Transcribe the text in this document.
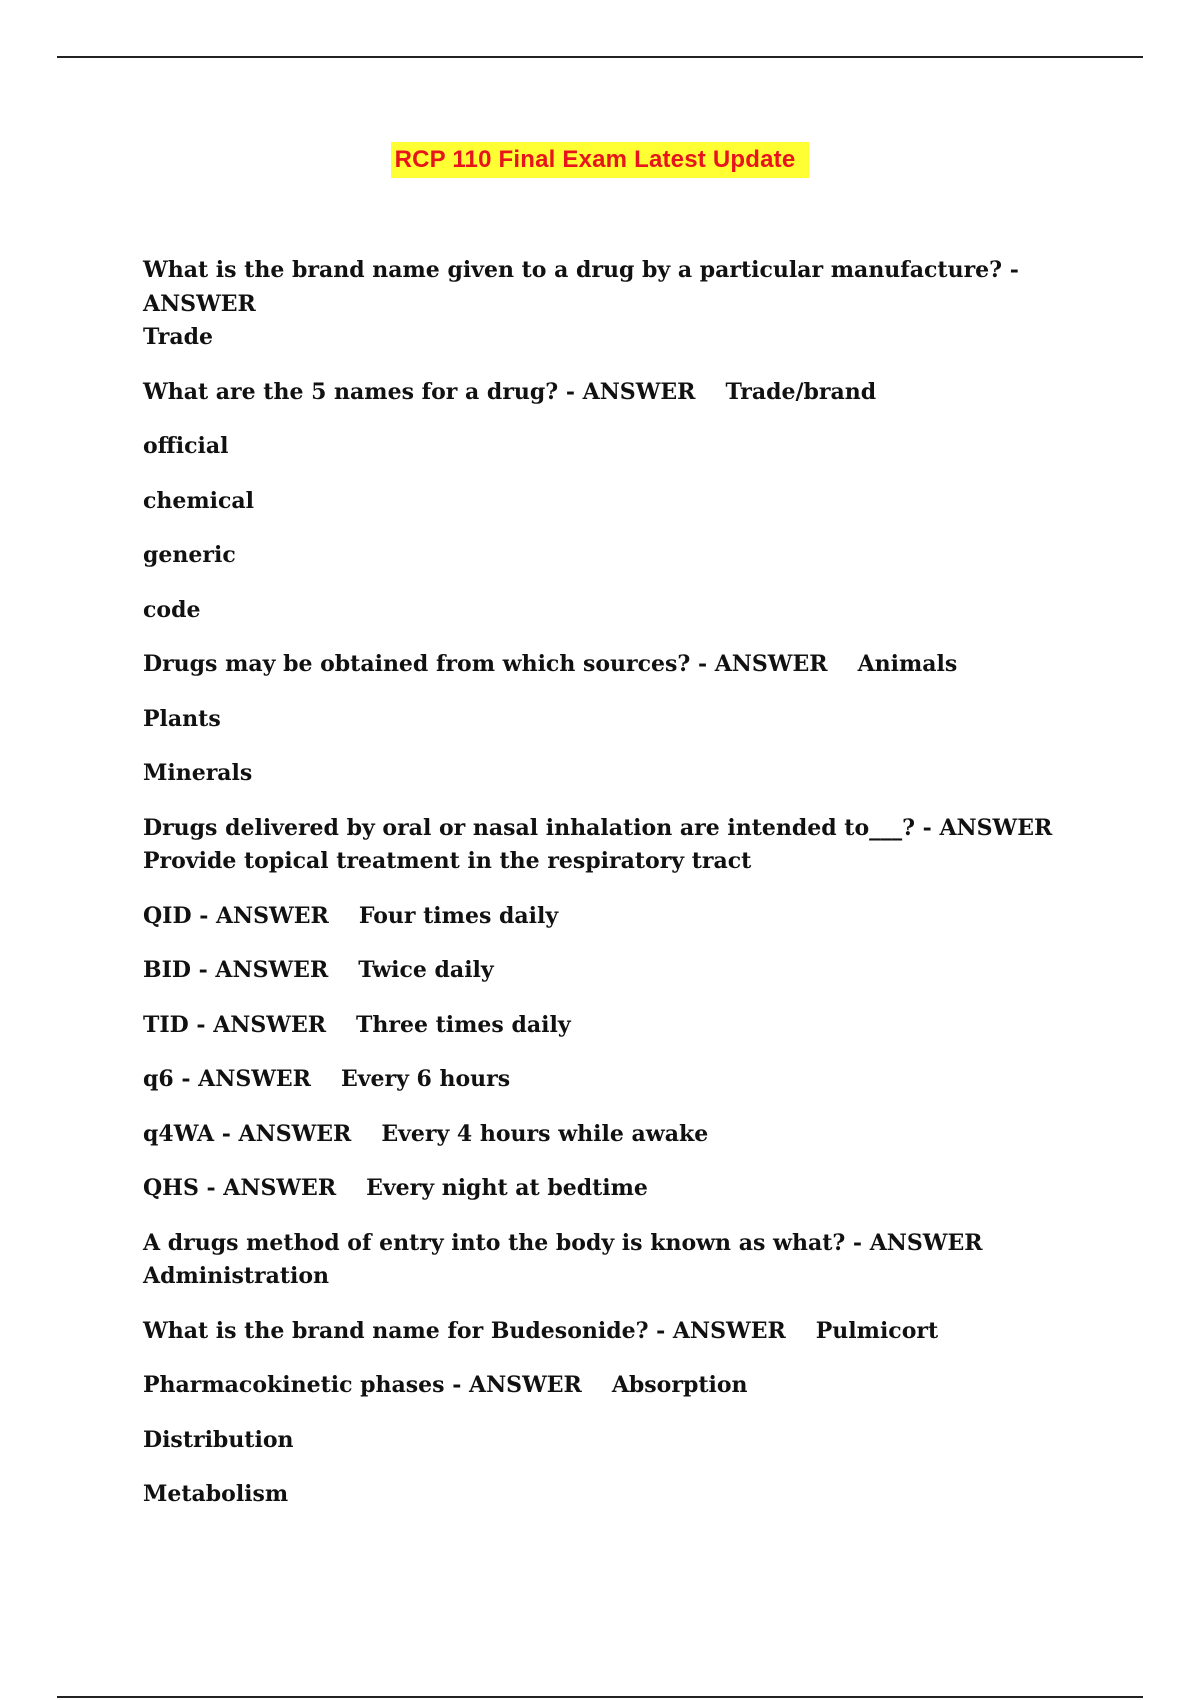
RCP 110 Final Exam Latest Update

What is the brand name given to a drug by a particular manufacture? - ANSWER
Trade

What are the 5 names for a drug? - ANSWER Trade/brand

official

chemical

generic

code

Drugs may be obtained from which sources? - ANSWER Animals

Plants

Minerals

Drugs delivered by oral or nasal inhalation are intended to___? - ANSWER
Provide topical treatment in the respiratory tract

QID - ANSWER Four times daily

BID - ANSWER Twice daily

TID - ANSWER Three times daily

q6 - ANSWER Every 6 hours

q4WA - ANSWER Every 4 hours while awake

QHS - ANSWER Every night at bedtime

A drugs method of entry into the body is known as what? - ANSWER
Administration

What is the brand name for Budesonide? - ANSWER Pulmicort

Pharmacokinetic phases - ANSWER Absorption

Distribution

Metabolism
